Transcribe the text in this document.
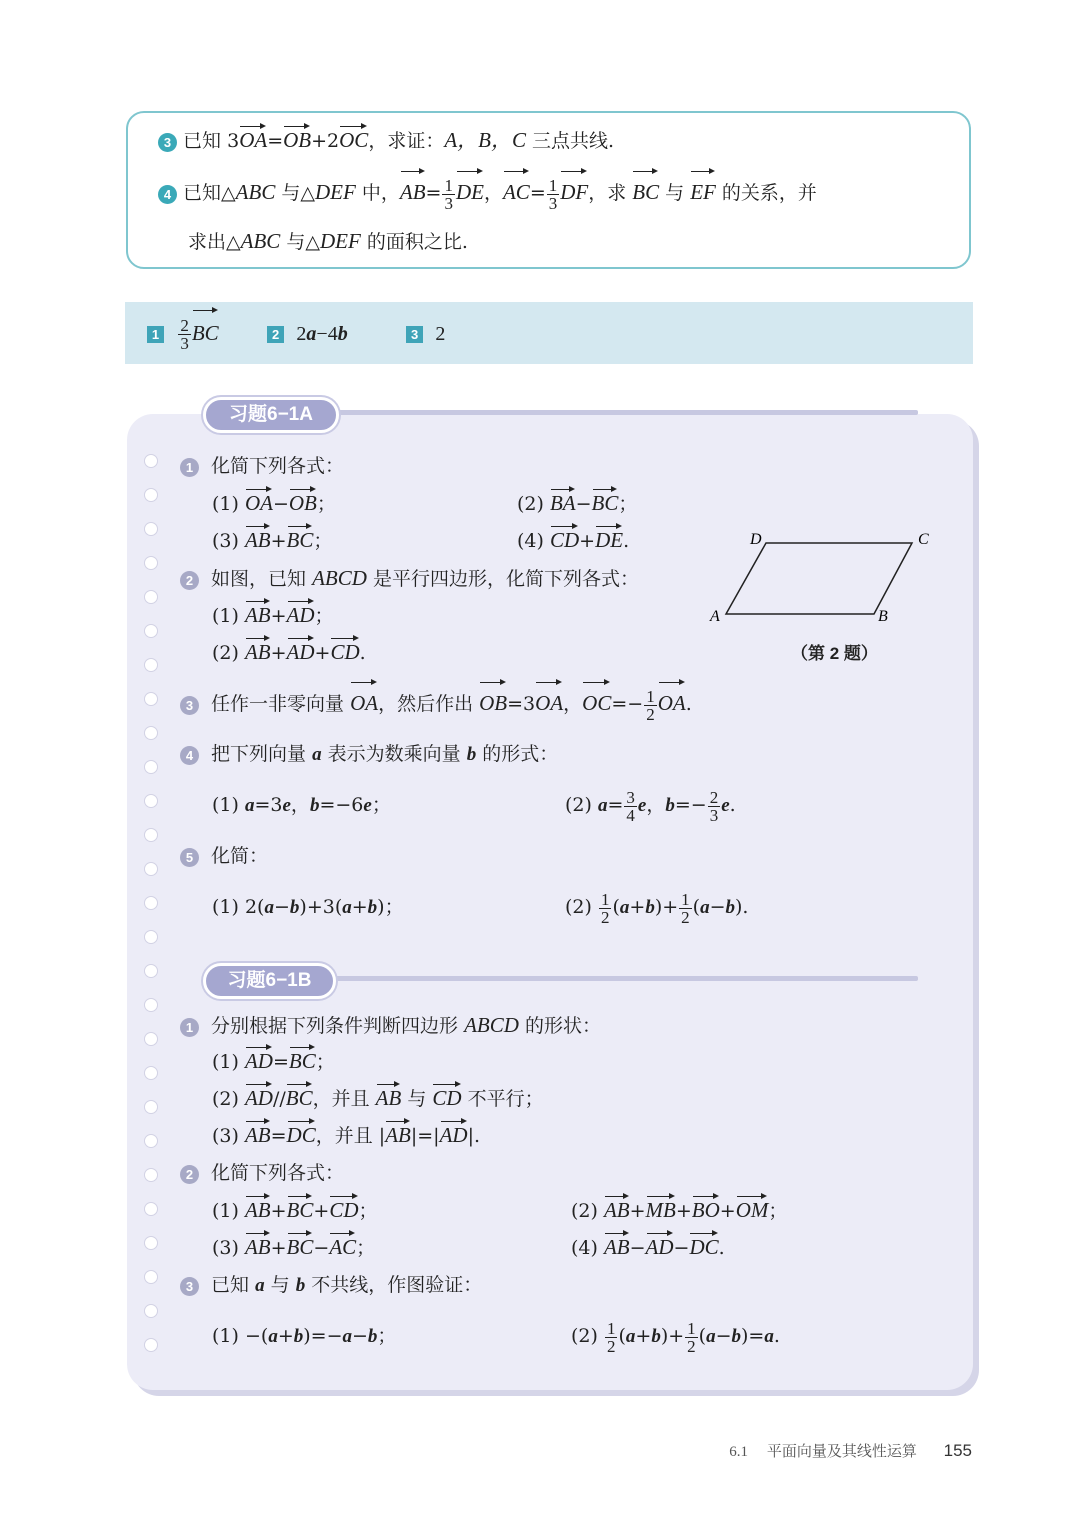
3 已知 3OA=OB+2OC，求证：A，B，C 三点共线.
4 已知△ABC 与△DEF 中，$AB= \frac{1}{3}$ DE，$AC= \frac{1}{3}$ DF，求 BC 与 EF 的关系，并
求出△ABC 与△DEF 的面积之比.
$1 \frac{2}{3}$ BC	2 2a−4b	3 2
习题6−1A
1 化简下列各式：
(1) OA−OB；	(2) BA−BC；
(3) AB+BC；	(4) CD+DE.
2 如图，已知 ABCD 是平行四边形，化简下列各式：
(1) AB+AD；
(2) AB+AD+CD.
A	B
C
D
（第 2 题）
3 任作一非零向量 OA，然后作出 OB=3OA，$OC=- \frac{1}{2}$ OA.
4 把下列向量 a 表示为数乘向量 b 的形式：
(1) a=3e，b=−6e；	(2) $a= \frac{3}{4}$ e，$b=- \frac{2}{3} e$.
5 化简：
(1) 2(a−b)+3(a+b)；	$(2) \frac{1}{2} (a+b)+ \frac{1}{2} (a-b)$.
习题6−1B
1 分别根据下列条件判断四边形 ABCD 的形状：
(1) AD=BC；
(2) AD//BC，并且 AB 与 CD 不平行；
(3) AB=DC，并且 |AB|=|AD|.
2 化简下列各式：
(1) AB+BC+CD；	(2) AB+MB+BO+OM；
(3) AB+BC−AC；	(4) AB−AD−DC.
3 已知 a 与 b 不共线，作图验证：
(1) −(a+b)=−a−b；	$(2) \frac{1}{2} (a+b)+ \frac{1}{2} (a-b)=a$.
6.1 平面向量及其线性运算 155
